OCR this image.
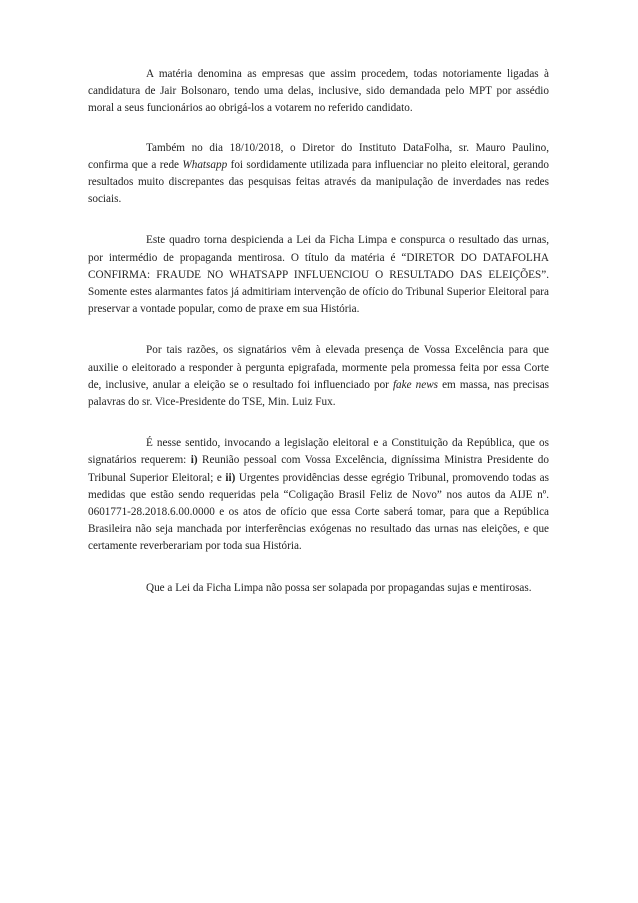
A matéria denomina as empresas que assim procedem, todas notoriamente ligadas à candidatura de Jair Bolsonaro, tendo uma delas, inclusive, sido demandada pelo MPT por assédio moral a seus funcionários ao obrigá-los a votarem no referido candidato.

Também no dia 18/10/2018, o Diretor do Instituto DataFolha, sr. Mauro Paulino, confirma que a rede Whatsapp foi sordidamente utilizada para influenciar no pleito eleitoral, gerando resultados muito discrepantes das pesquisas feitas através da manipulação de inverdades nas redes sociais.

Este quadro torna despicienda a Lei da Ficha Limpa e conspurca o resultado das urnas, por intermédio de propaganda mentirosa. O título da matéria é “DIRETOR DO DATAFOLHA CONFIRMA: FRAUDE NO WHATSAPP INFLUENCIOU O RESULTADO DAS ELEIÇÕES”. Somente estes alarmantes fatos já admitiriam intervenção de ofício do Tribunal Superior Eleitoral para preservar a vontade popular, como de praxe em sua História.

Por tais razões, os signatários vêm à elevada presença de Vossa Excelência para que auxilie o eleitorado a responder à pergunta epigrafada, mormente pela promessa feita por essa Corte de, inclusive, anular a eleição se o resultado foi influenciado por fake news em massa, nas precisas palavras do sr. Vice-Presidente do TSE, Min. Luiz Fux.

É nesse sentido, invocando a legislação eleitoral e a Constituição da República, que os signatários requerem: i) Reunião pessoal com Vossa Excelência, digníssima Ministra Presidente do Tribunal Superior Eleitoral; e ii) Urgentes providências desse egrégio Tribunal, promovendo todas as medidas que estão sendo requeridas pela “Coligação Brasil Feliz de Novo” nos autos da AIJE nº. 0601771-28.2018.6.00.0000 e os atos de ofício que essa Corte saberá tomar, para que a República Brasileira não seja manchada por interferências exógenas no resultado das urnas nas eleições, e que certamente reverberariam por toda sua História.

Que a Lei da Ficha Limpa não possa ser solapada por propagandas sujas e mentirosas.
